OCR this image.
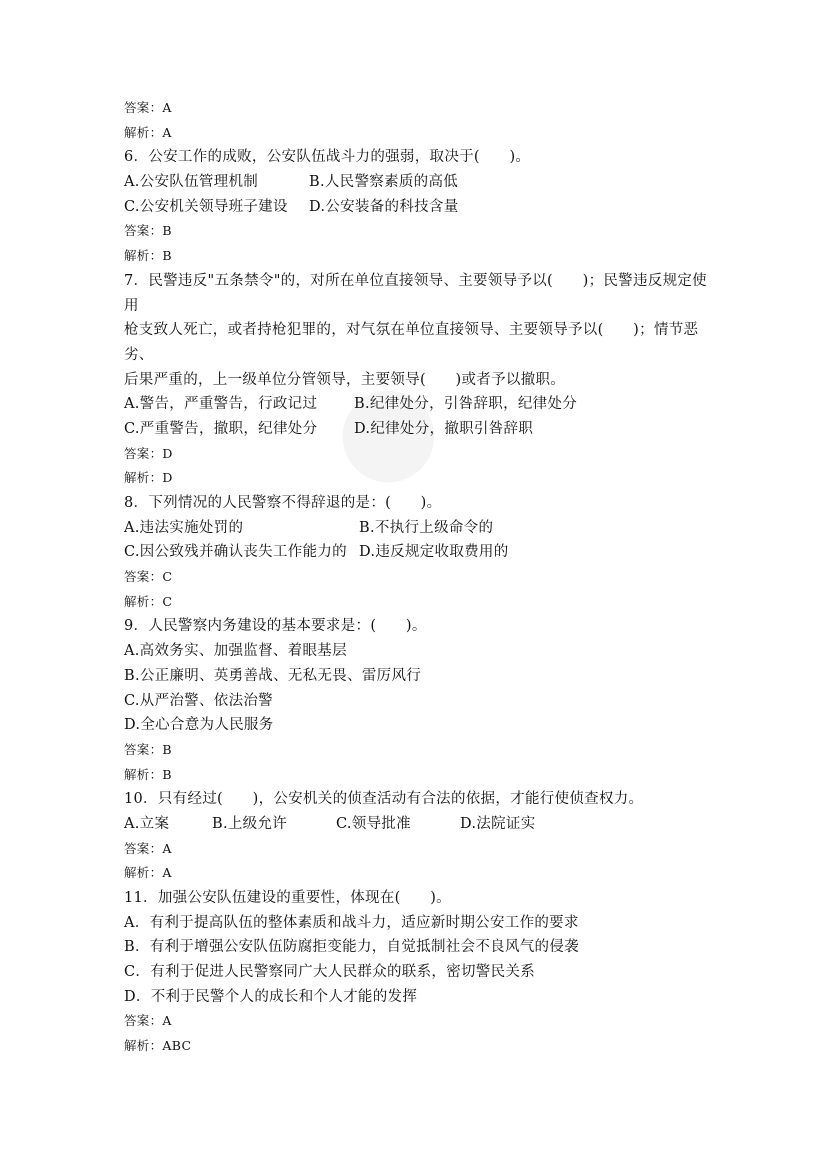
答案：A
解析：A
6．公安工作的成败，公安队伍战斗力的强弱，取决于(　　)。
A.公安队伍管理机制	B.人民警察素质的高低
C.公安机关领导班子建设 D.公安装备的科技含量
答案：B
解析：B
7．民警违反"五条禁令"的，对所在单位直接领导、主要领导予以(　　)；民警违反规定使
用
枪支致人死亡，或者持枪犯罪的，对气氛在单位直接领导、主要领导予以(　　)；情节恶
劣、
后果严重的，上一级单位分管领导，主要领导(　　)或者予以撤职。
A.警告，严重警告，行政记过	B.纪律处分，引咎辞职，纪律处分
C.严重警告，撤职，纪律处分	D.纪律处分，撤职引咎辞职
答案：D
解析：D
8．下列情况的人民警察不得辞退的是：(　　)。
A.违法实施处罚的	B.不执行上级命令的
C.因公致残并确认丧失工作能力的 D.违反规定收取费用的
答案：C
解析：C
9．人民警察内务建设的基本要求是：(　　)。
A.高效务实、加强监督、着眼基层
B.公正廉明、英勇善战、无私无畏、雷厉风行
C.从严治警、依法治警
D.全心合意为人民服务
答案：B
解析：B
10．只有经过(　　)，公安机关的侦查活动有合法的依据，才能行使侦查权力。
A.立案	B.上级允许	C.领导批准	D.法院证实
答案：A
解析：A
11．加强公安队伍建设的重要性，体现在(　　)。
A．有利于提高队伍的整体素质和战斗力，适应新时期公安工作的要求
B．有利于增强公安队伍防腐拒变能力，自觉抵制社会不良风气的侵袭
C．有利于促进人民警察同广大人民群众的联系，密切警民关系
D．不利于民警个人的成长和个人才能的发挥
答案：A
解析：ABC
